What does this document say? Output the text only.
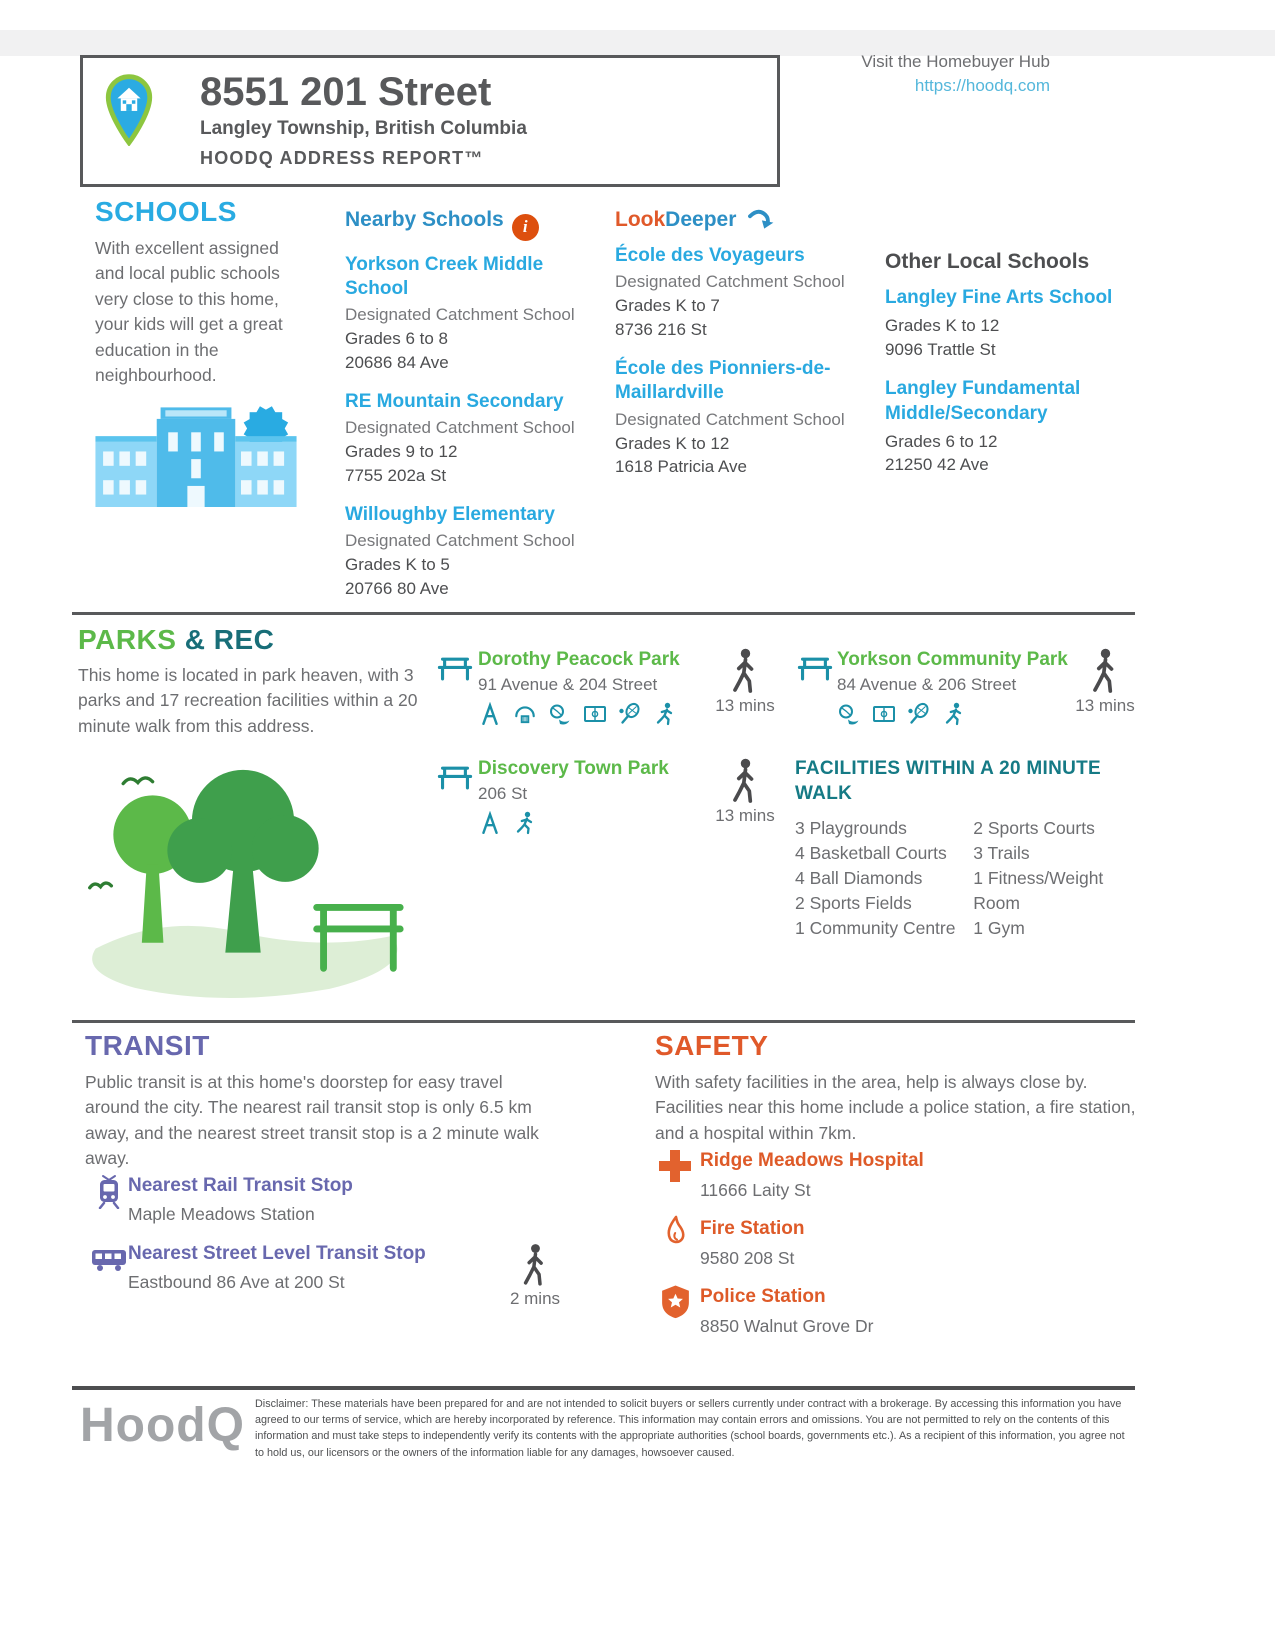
8551 201 Street
Langley Township, British Columbia
HOODQ ADDRESS REPORT™
Visit the Homebuyer Hub
https://hoodq.com
SCHOOLS
With excellent assigned and local public schools very close to this home, your kids will get a great education in the neighbourhood.
Nearby Schools i
Yorkson Creek Middle School
Designated Catchment School
Grades 6 to 8
20686 84 Ave
RE Mountain Secondary
Designated Catchment School
Grades 9 to 12
7755 202a St
Willoughby Elementary
Designated Catchment School
Grades K to 5
20766 80 Ave
LookDeeper
École des Voyageurs
Designated Catchment School
Grades K to 7
8736 216 St
École des Pionniers-de-Maillardville
Designated Catchment School
Grades K to 12
1618 Patricia Ave
Other Local Schools
Langley Fine Arts School
Grades K to 12
9096 Trattle St
Langley Fundamental Middle/Secondary
Grades 6 to 12
21250 42 Ave
PARKS & REC
This home is located in park heaven, with 3 parks and 17 recreation facilities within a 20 minute walk from this address.
Dorothy Peacock Park
91 Avenue & 204 Street
13 mins
Yorkson Community Park
84 Avenue & 206 Street
13 mins
Discovery Town Park
206 St
13 mins
FACILITIES WITHIN A 20 MINUTE WALK
3 Playgrounds
4 Basketball Courts
4 Ball Diamonds
2 Sports Fields
1 Community Centre
2 Sports Courts
3 Trails
1 Fitness/Weight Room
1 Gym
TRANSIT
Public transit is at this home's doorstep for easy travel around the city. The nearest rail transit stop is only 6.5 km away, and the nearest street transit stop is a 2 minute walk away.
Nearest Rail Transit Stop
Maple Meadows Station
Nearest Street Level Transit Stop
Eastbound 86 Ave at 200 St
2 mins
SAFETY
With safety facilities in the area, help is always close by. Facilities near this home include a police station, a fire station, and a hospital within 7km.
Ridge Meadows Hospital
11666 Laity St
Fire Station
9580 208 St
Police Station
8850 Walnut Grove Dr
HoodQ Disclaimer: These materials have been prepared for and are not intended to solicit buyers or sellers currently under contract with a brokerage. By accessing this information you have agreed to our terms of service, which are hereby incorporated by reference. This information may contain errors and omissions. You are not permitted to rely on the contents of this information and must take steps to independently verify its contents with the appropriate authorities (school boards, governments etc.). As a recipient of this information, you agree not to hold us, our licensors or the owners of the information liable for any damages, howsoever caused.
